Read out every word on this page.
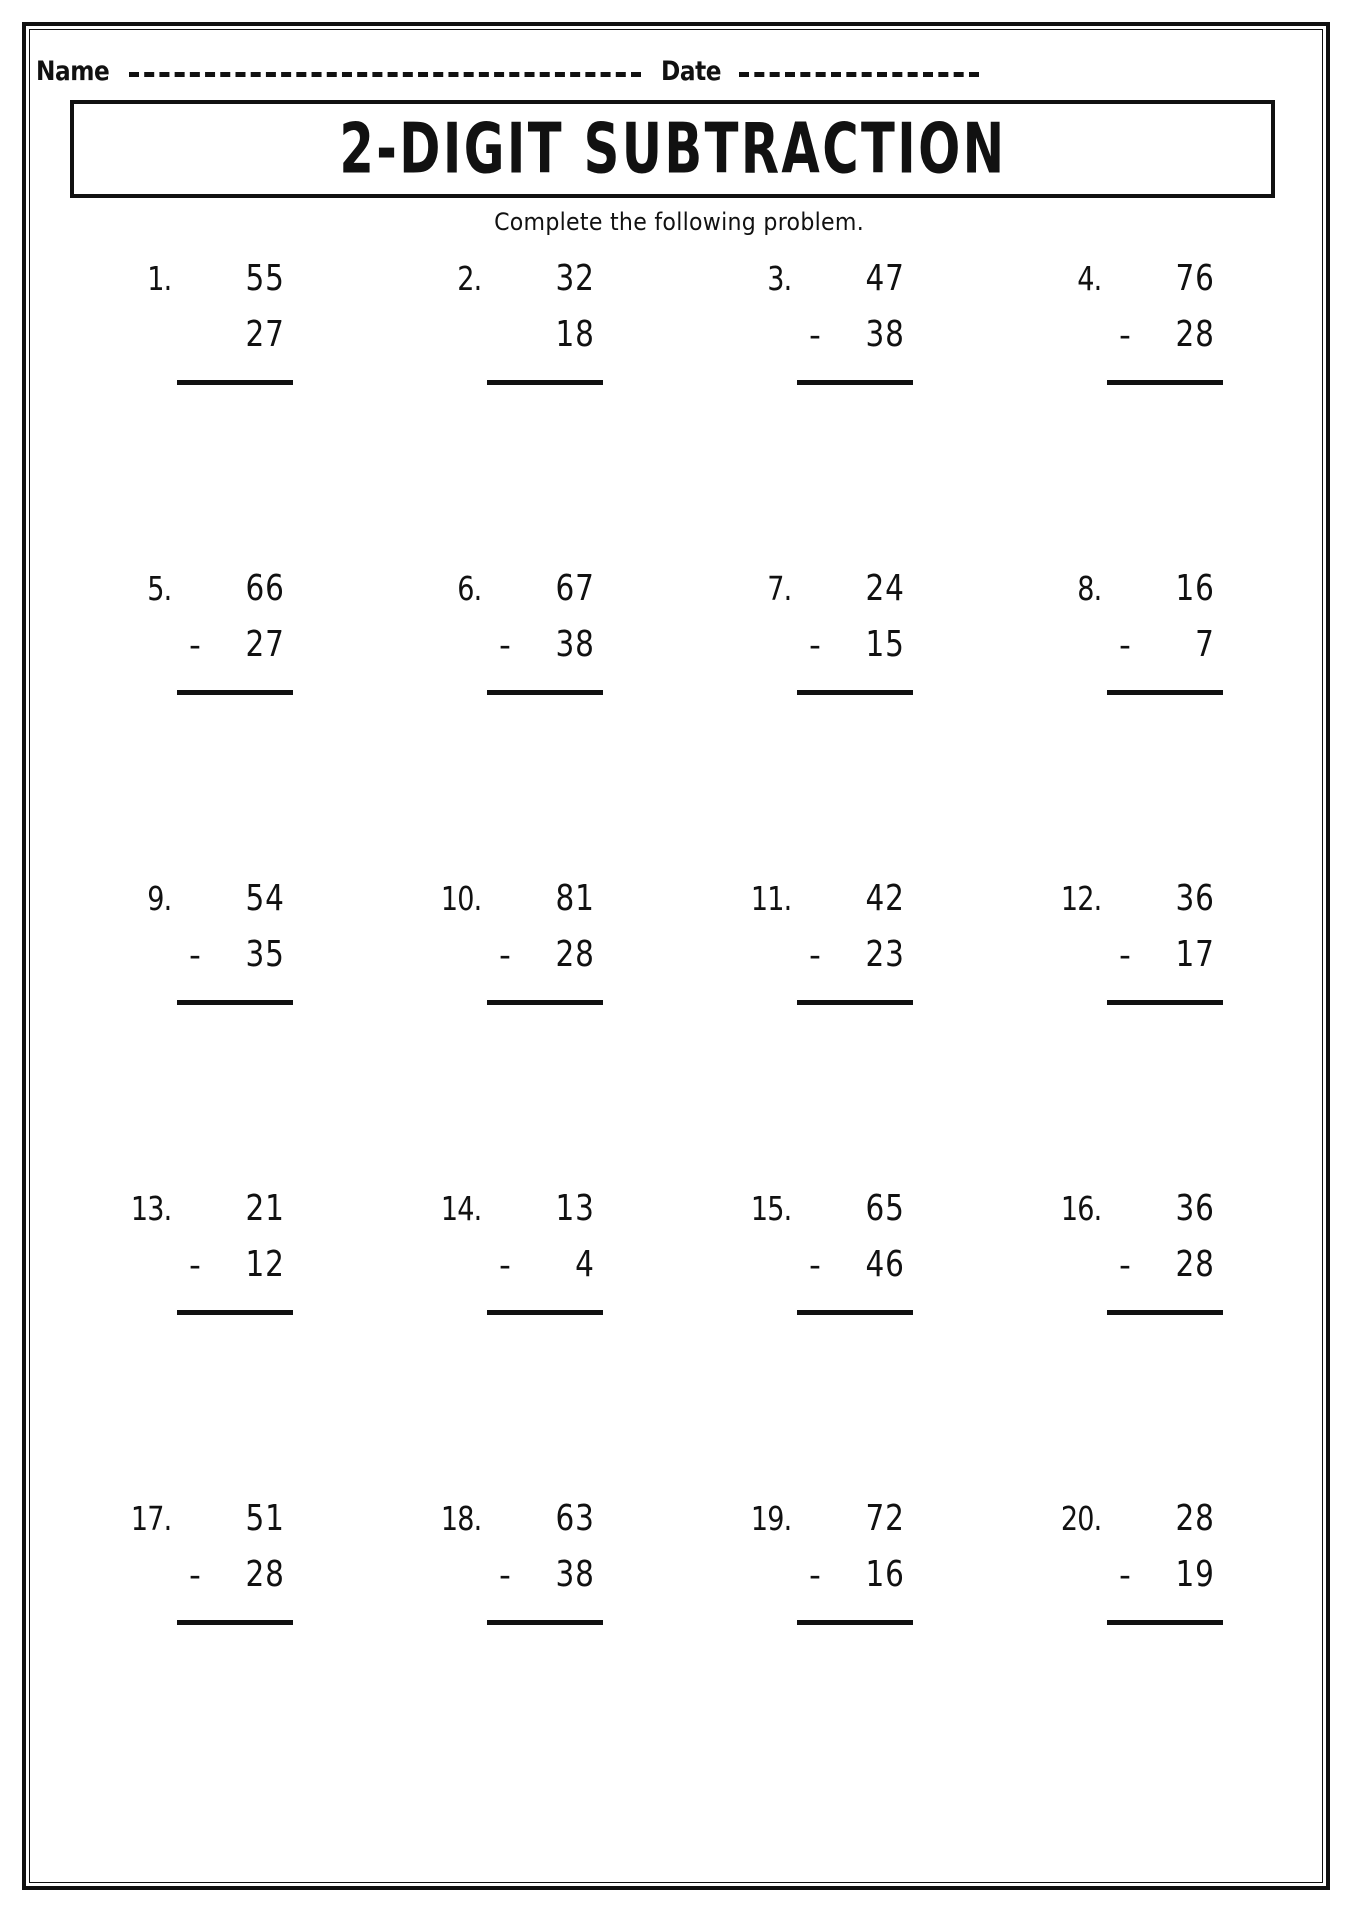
Name	Date
2-DIGIT SUBTRACTION
Complete the following problem.
1.	55
27
2.	32
18
3.	47
-	38
4.	76
-	28
5.	66
-	27
6.	67
-	38
7.	24
-	15
8.	16
-	7
9.	54
-	35
10.	81
-	28
11.	42
-	23
12.	36
-	17
13.	21
-	12
14.	13
-	4
15.	65
-	46
16.	36
-	28
17.	51
-	28
18.	63
-	38
19.	72
-	16
20.	28
-	19
